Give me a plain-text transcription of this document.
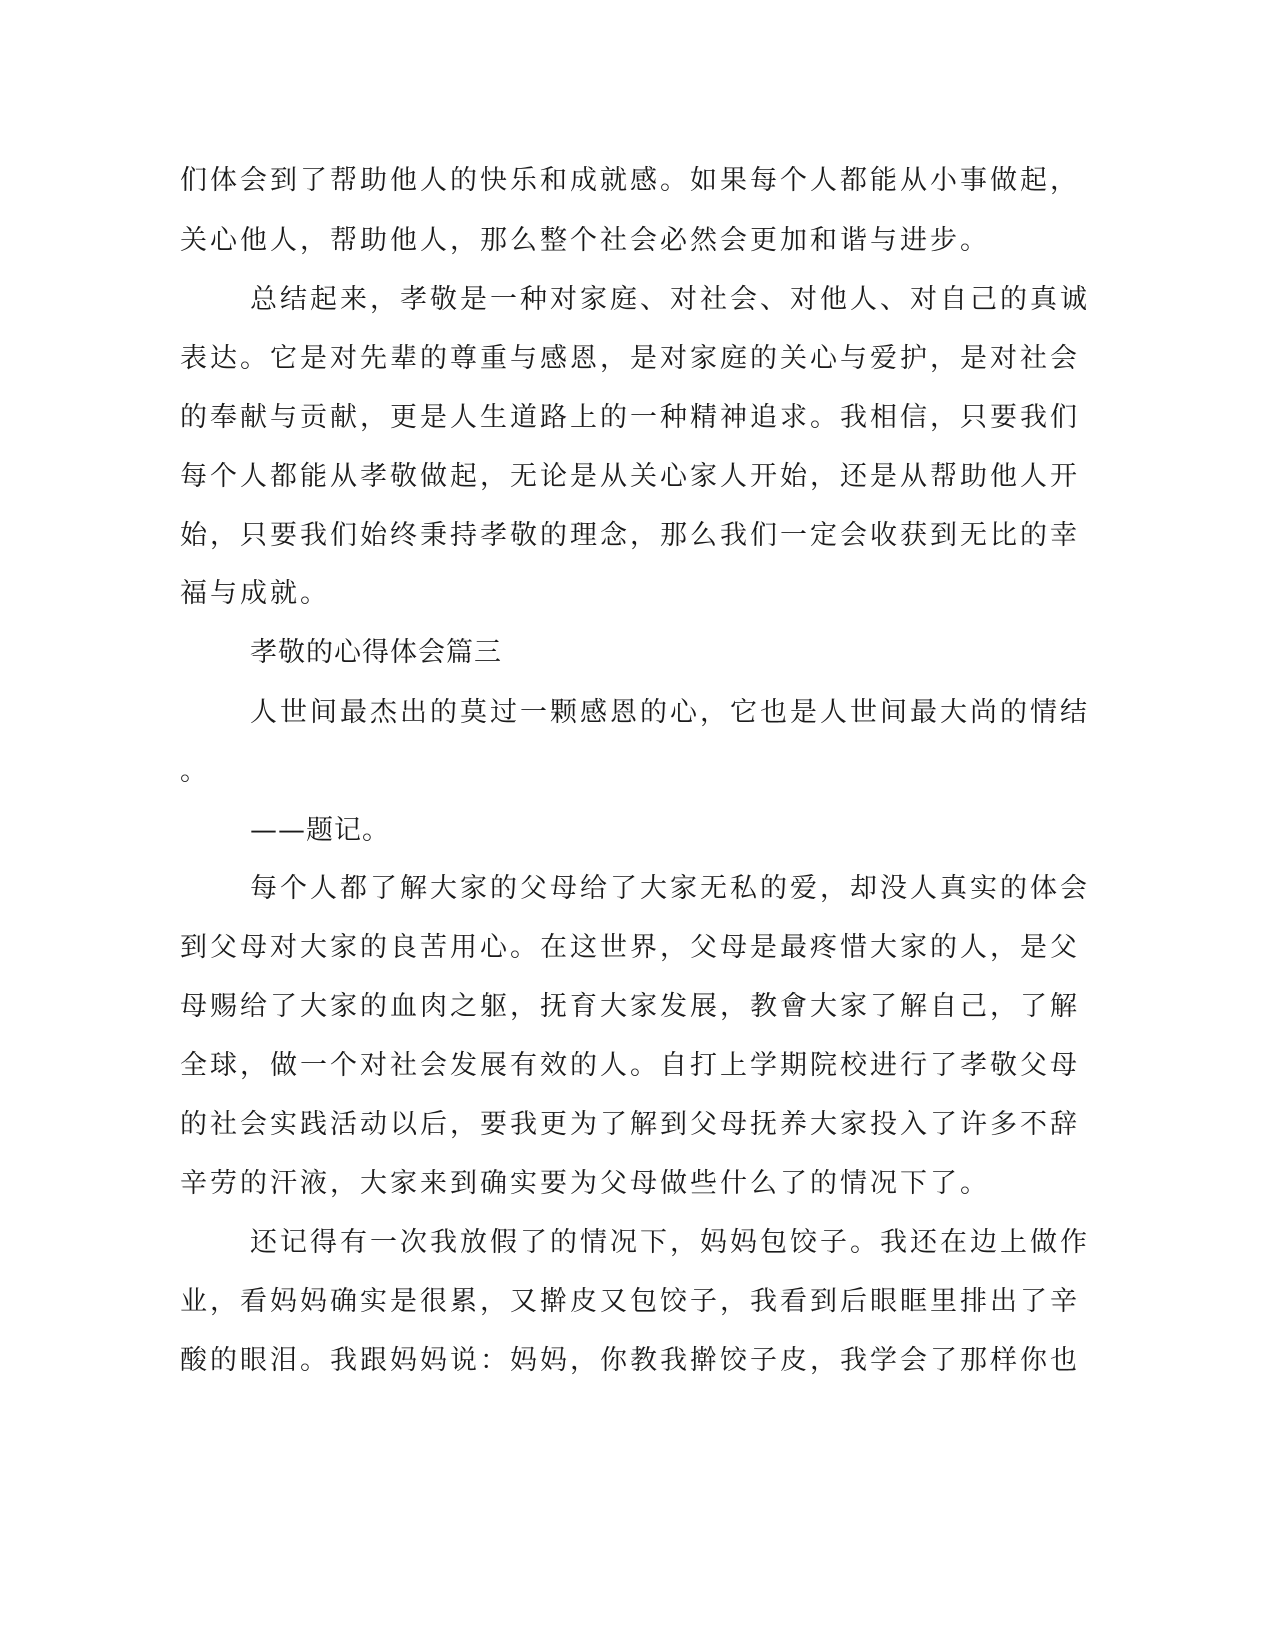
们体会到了帮助他人的快乐和成就感。如果每个人都能从小事做起，
关心他人，帮助他人，那么整个社会必然会更加和谐与进步。
总结起来，孝敬是一种对家庭、对社会、对他人、对自己的真诚
表达。它是对先辈的尊重与感恩，是对家庭的关心与爱护，是对社会
的奉献与贡献，更是人生道路上的一种精神追求。我相信，只要我们
每个人都能从孝敬做起，无论是从关心家人开始，还是从帮助他人开
始，只要我们始终秉持孝敬的理念，那么我们一定会收获到无比的幸
福与成就。
孝敬的心得体会篇三
人世间最杰出的莫过一颗感恩的心，它也是人世间最大尚的情结
。
——题记。
每个人都了解大家的父母给了大家无私的爱，却没人真实的体会
到父母对大家的良苦用心。在这世界，父母是最疼惜大家的人，是父
母赐给了大家的血肉之躯，抚育大家发展，教會大家了解自己，了解
全球，做一个对社会发展有效的人。自打上学期院校进行了孝敬父母
的社会实践活动以后，要我更为了解到父母抚养大家投入了许多不辞
辛劳的汗液，大家来到确实要为父母做些什么了的情况下了。
还记得有一次我放假了的情况下，妈妈包饺子。我还在边上做作
业，看妈妈确实是很累，又擀皮又包饺子，我看到后眼眶里排出了辛
酸的眼泪。我跟妈妈说：妈妈，你教我擀饺子皮，我学会了那样你也
